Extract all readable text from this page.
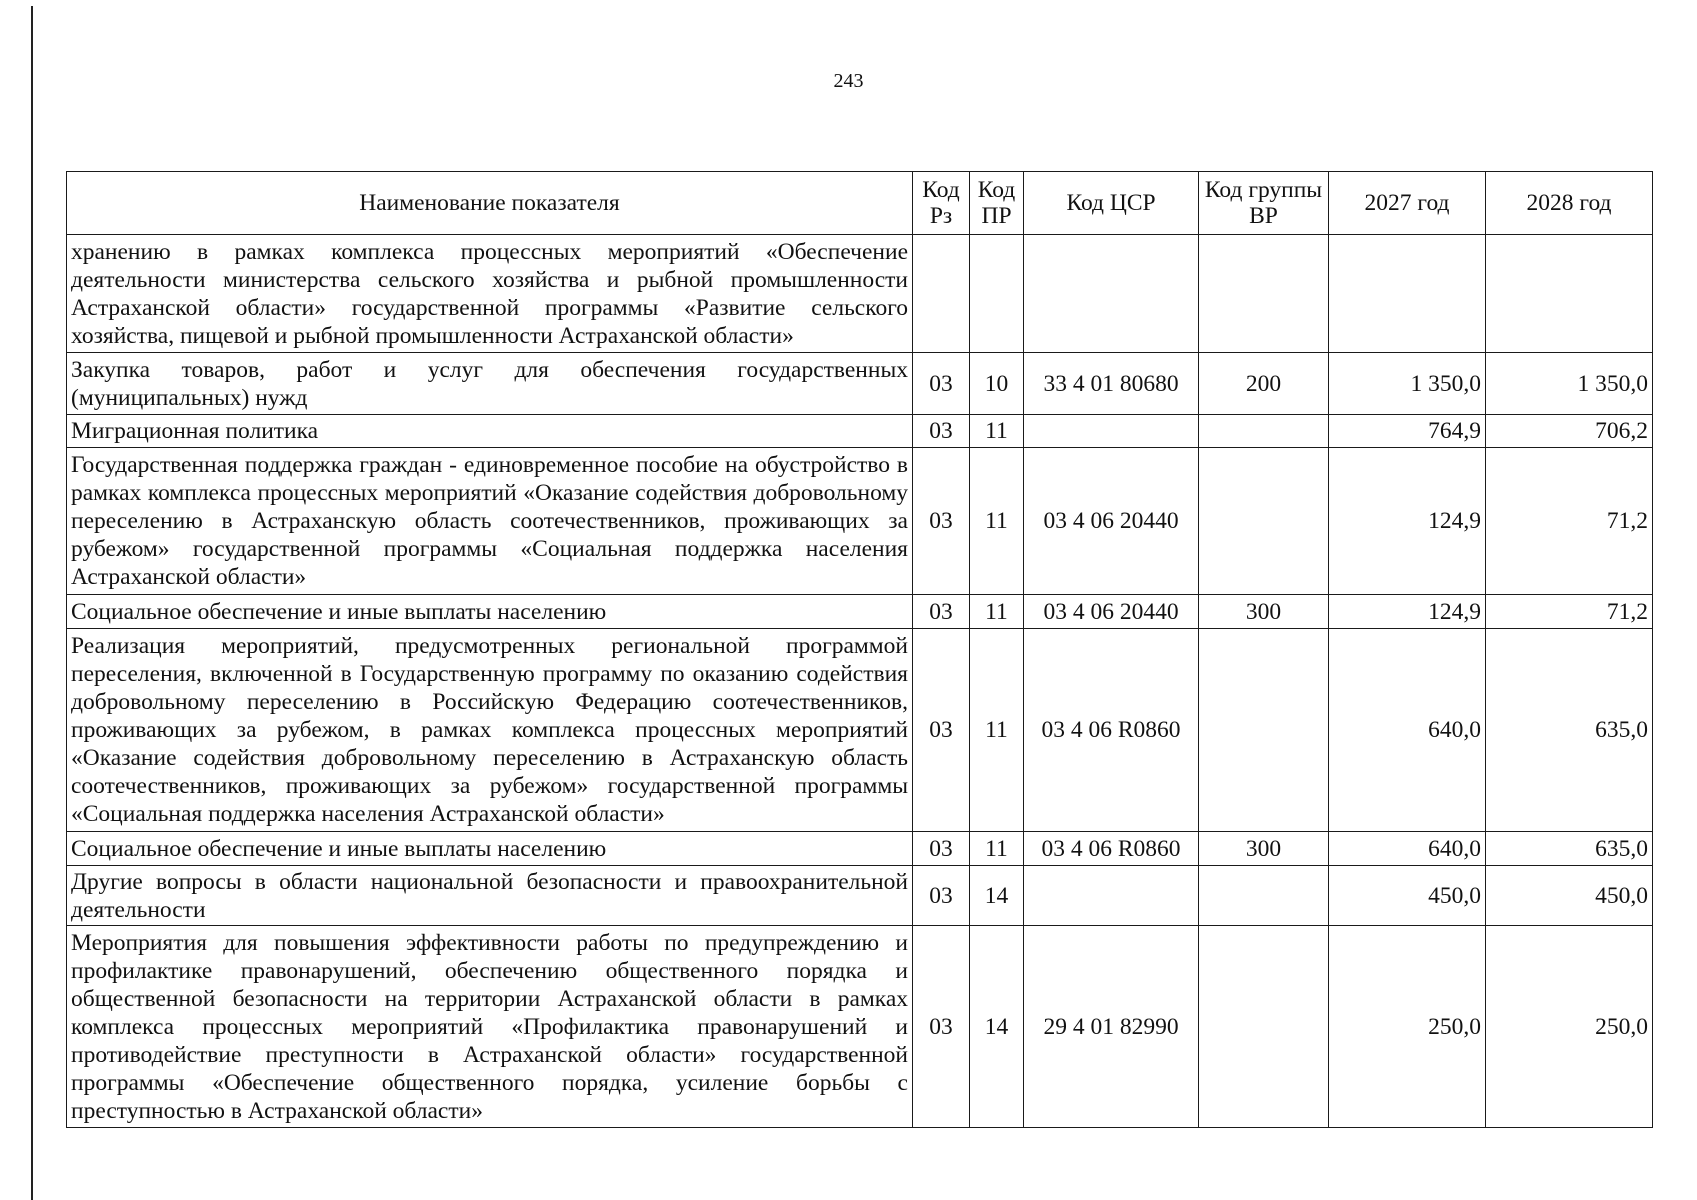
243
Наименование показателя	Код Рз	Код ПР	Код ЦСР	Код группы ВР	2027 год	2028 год
хранению в рамках комплекса процессных мероприятий «Обеспечение деятельности министерства сельского хозяйства и рыбной промышленности Астраханской области» государственной программы «Развитие сельского хозяйства, пищевой и рыбной промышленности Астраханской области»						
Закупка товаров, работ и услуг для обеспечения государственных (муниципальных) нужд	03	10	33 4 01 80680	200	1 350,0	1 350,0
Миграционная политика	03	11			764,9	706,2
Государственная поддержка граждан - единовременное пособие на обустройство в рамках комплекса процессных мероприятий «Оказание содействия добровольному переселению в Астраханскую область соотечественников, проживающих за рубежом» государственной программы «Социальная поддержка населения Астраханской области»	03	11	03 4 06 20440		124,9	71,2
Социальное обеспечение и иные выплаты населению	03	11	03 4 06 20440	300	124,9	71,2
Реализация мероприятий, предусмотренных региональной программой переселения, включенной в Государственную программу по оказанию содействия добровольному переселению в Российскую Федерацию соотечественников, проживающих за рубежом, в рамках комплекса процессных мероприятий «Оказание содействия добровольному переселению в Астраханскую область соотечественников, проживающих за рубежом» государственной программы «Социальная поддержка населения Астраханской области»	03	11	03 4 06 R0860		640,0	635,0
Социальное обеспечение и иные выплаты населению	03	11	03 4 06 R0860	300	640,0	635,0
Другие вопросы в области национальной безопасности и правоохранительной деятельности	03	14			450,0	450,0
Мероприятия для повышения эффективности работы по предупреждению и профилактике правонарушений, обеспечению общественного порядка и общественной безопасности на территории Астраханской области в рамках комплекса процессных мероприятий «Профилактика правонарушений и противодействие преступности в Астраханской области» государственной программы «Обеспечение общественного порядка, усиление борьбы с преступностью в Астраханской области»	03	14	29 4 01 82990		250,0	250,0
